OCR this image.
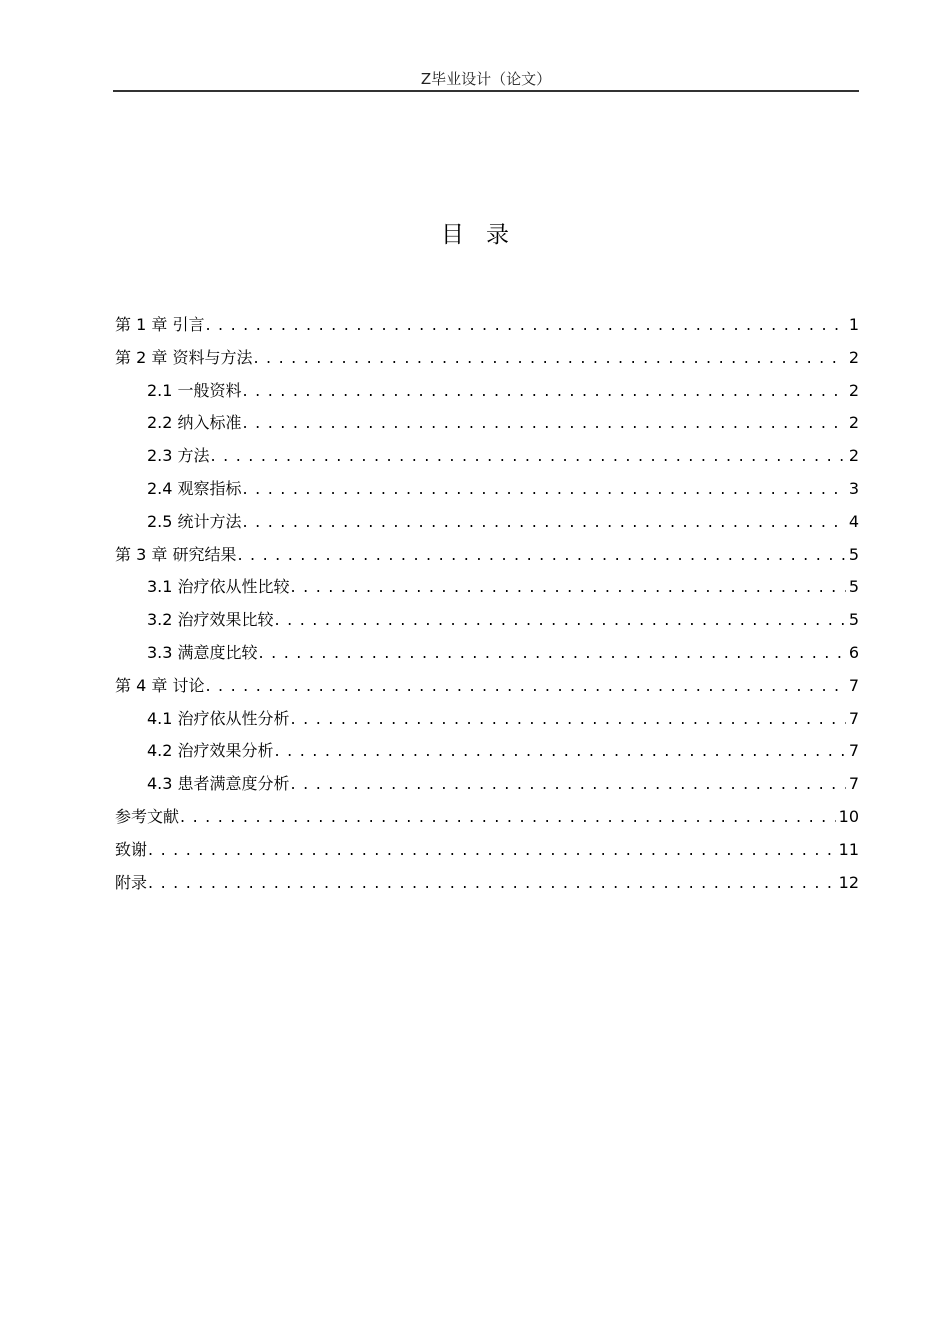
Z毕业设计（论文）
目录
第 1 章 引言 . . .	1
第 2 章 资料与方法 . . .	2
2.1 一般资料 . . .	2
2.2 纳入标准 . . .	2
2.3 方法 . . .	2
2.4 观察指标 . . .	3
2.5 统计方法 . . .	4
第 3 章 研究结果 . . .	5
3.1 治疗依从性比较 . . .	5
3.2 治疗效果比较 . . .	5
3.3 满意度比较 . . .	6
第 4 章 讨论 . . .	7
4.1 治疗依从性分析 . . .	7
4.2 治疗效果分析 . . .	7
4.3 患者满意度分析 . . .	7
参考文献 . . .	10
致谢 . . .	11
附录 . . .	12
